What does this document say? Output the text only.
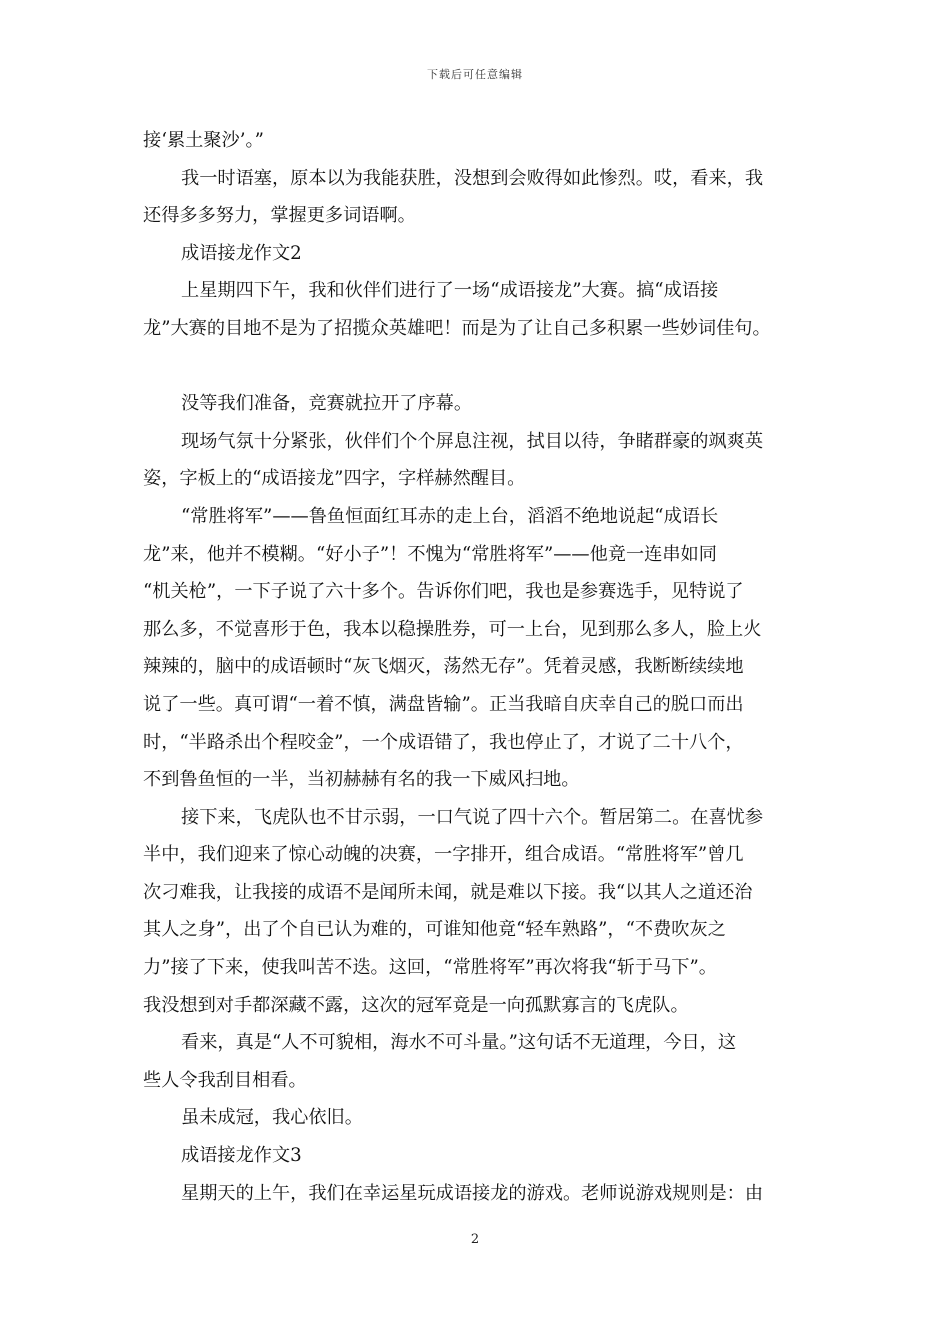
下载后可任意编辑
接‘累土聚沙’。”
我一时语塞，原本以为我能获胜，没想到会败得如此惨烈。哎，看来，我
还得多多努力，掌握更多词语啊。
成语接龙作文2
上星期四下午，我和伙伴们进行了一场“成语接龙”大赛。搞“成语接
龙”大赛的目地不是为了招揽众英雄吧！而是为了让自己多积累一些妙词佳句。
没等我们准备，竞赛就拉开了序幕。
现场气氛十分紧张，伙伴们个个屏息注视，拭目以待，争睹群豪的飒爽英
姿，字板上的“成语接龙”四字，字样赫然醒目。
“常胜将军”——鲁鱼恒面红耳赤的走上台，滔滔不绝地说起“成语长
龙”来，他并不模糊。“好小子”！不愧为“常胜将军”——他竟一连串如同
“机关枪”，一下子说了六十多个。告诉你们吧，我也是参赛选手，见特说了
那么多，不觉喜形于色，我本以稳操胜券，可一上台，见到那么多人，脸上火
辣辣的，脑中的成语顿时“灰飞烟灭，荡然无存”。凭着灵感，我断断续续地
说了一些。真可谓“一着不慎，满盘皆输”。正当我暗自庆幸自己的脱口而出
时，“半路杀出个程咬金”，一个成语错了，我也停止了，才说了二十八个，
不到鲁鱼恒的一半，当初赫赫有名的我一下威风扫地。
接下来，飞虎队也不甘示弱，一口气说了四十六个。暂居第二。在喜忧参
半中，我们迎来了惊心动魄的决赛，一字排开，组合成语。“常胜将军”曾几
次刁难我，让我接的成语不是闻所未闻，就是难以下接。我“以其人之道还治
其人之身”，出了个自已认为难的，可谁知他竟“轻车熟路”，“不费吹灰之
力”接了下来，使我叫苦不迭。这回，“常胜将军”再次将我“斩于马下”。
我没想到对手都深藏不露，这次的冠军竟是一向孤默寡言的飞虎队。
看来，真是“人不可貌相，海水不可斗量。”这句话不无道理，今日，这
些人令我刮目相看。
虽未成冠，我心依旧。
成语接龙作文3
星期天的上午，我们在幸运星玩成语接龙的游戏。老师说游戏规则是：由
2
